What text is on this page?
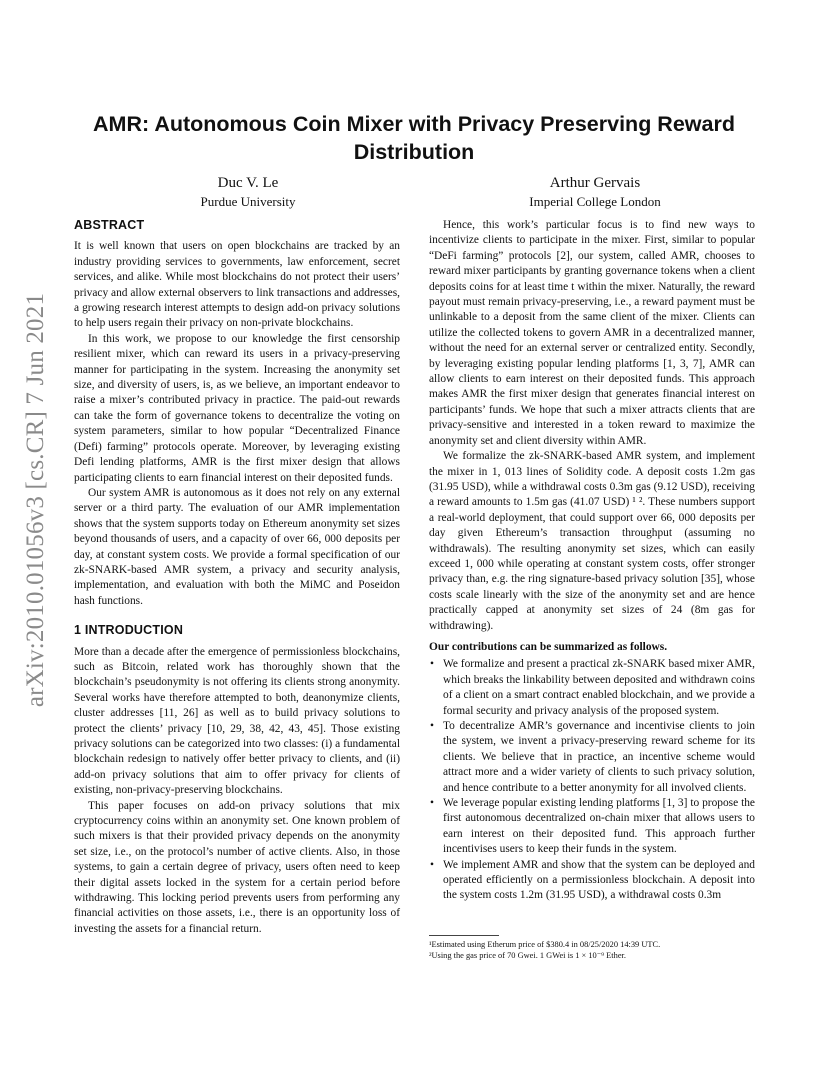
arXiv:2010.01056v3 [cs.CR] 7 Jun 2021
AMR: Autonomous Coin Mixer with Privacy Preserving Reward
Distribution
Duc V. Le
Purdue University
Arthur Gervais
Imperial College London
ABSTRACT

It is well known that users on open blockchains are tracked by an industry providing services to governments, law enforcement, secret services, and alike. While most blockchains do not protect their users’ privacy and allow external observers to link transactions and addresses, a growing research interest attempts to design add-on privacy solutions to help users regain their privacy on non-private blockchains.

In this work, we propose to our knowledge the first censorship resilient mixer, which can reward its users in a privacy-preserving manner for participating in the system. Increasing the anonymity set size, and diversity of users, is, as we believe, an important endeavor to raise a mixer’s contributed privacy in practice. The paid-out rewards can take the form of governance tokens to decentralize the voting on system parameters, similar to how popular “Decentralized Finance (Defi) farming” protocols operate. Moreover, by leveraging existing Defi lending platforms, AMR is the first mixer design that allows participating clients to earn financial interest on their deposited funds.

Our system AMR is autonomous as it does not rely on any external server or a third party. The evaluation of our AMR implementation shows that the system supports today on Ethereum anonymity set sizes beyond thousands of users, and a capacity of over 66, 000 deposits per day, at constant system costs. We provide a formal specification of our zk-SNARK-based AMR system, a privacy and security analysis, implementation, and evaluation with both the MiMC and Poseidon hash functions.

1 INTRODUCTION

More than a decade after the emergence of permissionless blockchains, such as Bitcoin, related work has thoroughly shown that the blockchain’s pseudonymity is not offering its clients strong anonymity. Several works have therefore attempted to both, deanonymize clients, cluster addresses [11, 26] as well as to build privacy solutions to protect the clients’ privacy [10, 29, 38, 42, 43, 45]. Those existing privacy solutions can be categorized into two classes: (i) a fundamental blockchain redesign to natively offer better privacy to clients, and (ii) add-on privacy solutions that aim to offer privacy for clients of existing, non-privacy-preserving blockchains.

This paper focuses on add-on privacy solutions that mix cryptocurrency coins within an anonymity set. One known problem of such mixers is that their provided privacy depends on the anonymity set size, i.e., on the protocol’s number of active clients. Also, in those systems, to gain a certain degree of privacy, users often need to keep their digital assets locked in the system for a certain period before withdrawing. This locking period prevents users from performing any financial activities on those assets, i.e., there is an opportunity loss of investing the assets for a financial return.

Hence, this work’s particular focus is to find new ways to incentivize clients to participate in the mixer. First, similar to popular “DeFi farming” protocols [2], our system, called AMR, chooses to reward mixer participants by granting governance tokens when a client deposits coins for at least time t within the mixer. Naturally, the reward payout must remain privacy-preserving, i.e., a reward payment must be unlinkable to a deposit from the same client of the mixer. Clients can utilize the collected tokens to govern AMR in a decentralized manner, without the need for an external server or centralized entity. Secondly, by leveraging existing popular lending platforms [1, 3, 7], AMR can allow clients to earn interest on their deposited funds. This approach makes AMR the first mixer design that generates financial interest on participants’ funds. We hope that such a mixer attracts clients that are privacy-sensitive and interested in a token reward to maximize the anonymity set and client diversity within AMR.

We formalize the zk-SNARK-based AMR system, and implement the mixer in 1, 013 lines of Solidity code. A deposit costs 1.2m gas (31.95 USD), while a withdrawal costs 0.3m gas (9.12 USD), receiving a reward amounts to 1.5m gas (41.07 USD) ¹ ². These numbers support a real-world deployment, that could support over 66, 000 deposits per day given Ethereum’s transaction throughput (assuming no withdrawals). The resulting anonymity set sizes, which can easily exceed 1, 000 while operating at constant system costs, offer stronger privacy than, e.g. the ring signature-based privacy solution [35], whose costs scale linearly with the size of the anonymity set and are hence practically capped at anonymity set sizes of 24 (8m gas for withdrawing).

Our contributions can be summarized as follows.

• We formalize and present a practical zk-SNARK based mixer AMR, which breaks the linkability between deposited and withdrawn coins of a client on a smart contract enabled blockchain, and we provide a formal security and privacy analysis of the proposed system.
• To decentralize AMR’s governance and incentivise clients to join the system, we invent a privacy-preserving reward scheme for its clients. We believe that in practice, an incentive scheme would attract more and a wider variety of clients to such privacy solution, and hence contribute to a better anonymity for all involved clients.
• We leverage popular existing lending platforms [1, 3] to propose the first autonomous decentralized on-chain mixer that allows users to earn interest on their deposited fund. This approach further incentivises users to keep their funds in the system.
• We implement AMR and show that the system can be deployed and operated efficiently on a permissionless blockchain. A deposit into the system costs 1.2m (31.95 USD), a withdrawal costs 0.3m

¹Estimated using Etherum price of $380.4 in 08/25/2020 14:39 UTC.

²Using the gas price of 70 Gwei. 1 GWei is 1 × 10⁻⁹ Ether.
